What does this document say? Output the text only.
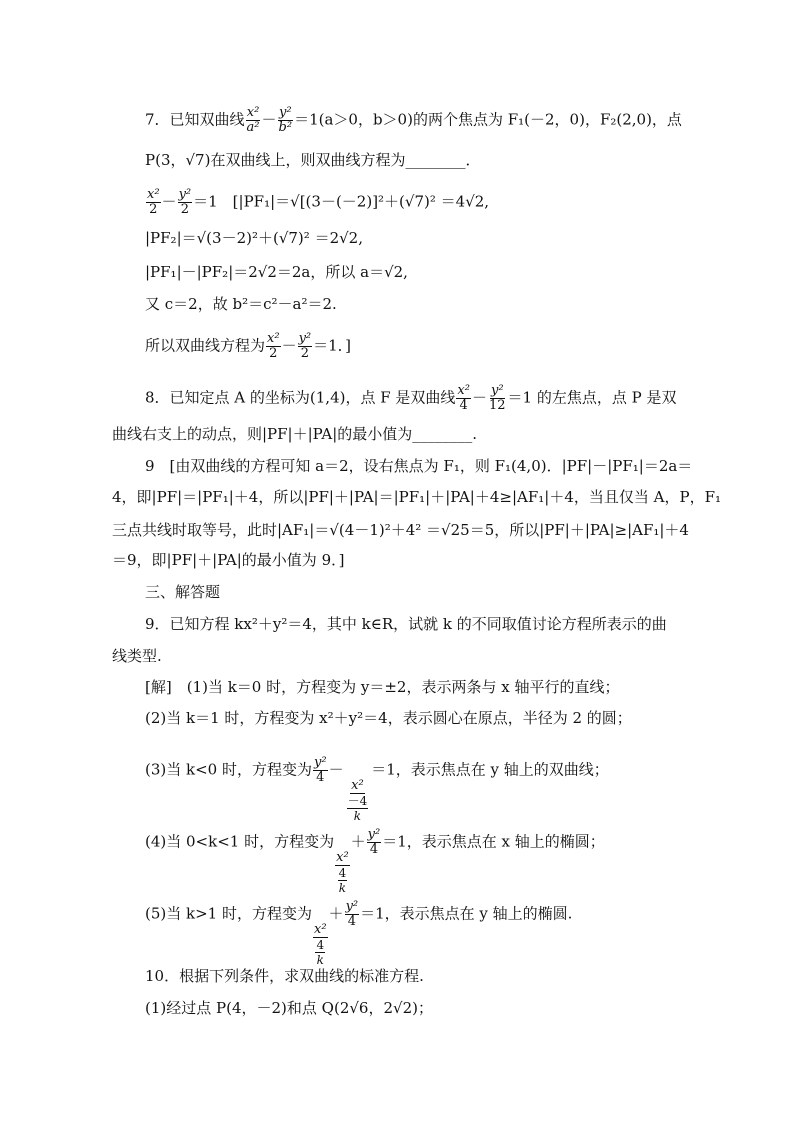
7．已知双曲线 $\frac{\text{x²}}{\text{a²}} - \frac{\text{y²}}{\text{b²}} =1(a>0$，b＞0)的两个焦点为 F₁(－2，0)，F₂(2,0)，点
P(3，√7)在双曲线上，则双曲线方程为________．
$\frac{\text{x²}}{2} - \frac{\text{y²}}{2} =1$　[|PF₁|＝√[(3－(－2)]²＋(√7)² ＝4√2,
|PF₂|＝√(3－2)²＋(√7)² ＝2√2,
|PF₁|－|PF₂|＝2√2＝2a，所以 a＝√2,
又 c＝2，故 b²＝c²－a²＝2.
所以双曲线方程为 $\frac{\text{x²}}{2} - \frac{\text{y²}}{2} =1$．]
8．已知定点 A 的坐标为(1,4)，点 F 是双曲线 $\frac{\text{x²}}{4} - \frac{\text{y²}}{12} =1$ 的左焦点，点 P 是双
曲线右支上的动点，则|PF|＋|PA|的最小值为________.
9　[由双曲线的方程可知 a＝2，设右焦点为 F₁，则 F₁(4,0)．|PF|－|PF₁|＝2a＝
4，即|PF|＝|PF₁|＋4，所以|PF|＋|PA|＝|PF₁|＋|PA|＋4≥|AF₁|＋4，当且仅当 A，P，F₁
三点共线时取等号，此时|AF₁|＝√(4－1)²＋4² ＝√25＝5，所以|PF|＋|PA|≥|AF₁|＋4
＝9，即|PF|＋|PA|的最小值为 9．]
三、解答题
9．已知方程 kx²＋y²＝4，其中 k∈R，试就 k 的不同取值讨论方程所表示的曲
线类型.
[解]　(1)当 k＝0 时，方程变为 y＝±2，表示两条与 x 轴平行的直线；
(2)当 k＝1 时，方程变为 x²＋y²＝4，表示圆心在原点，半径为 2 的圆；
(3)当 k<0 时，方程变为 $\frac{\text{y²}}{4}$ －
$\frac{\text{x²}}{\frac{-4}{k}}$
＝1，表示焦点在 y 轴上的双曲线；
(4)当 0<k<1 时，方程变为
$\frac{\text{x²}}{\frac{4}{k}}$
＋ $\frac{\text{y²}}{4} =1$，表示焦点在 x 轴上的椭圆；
(5)当 k>1 时，方程变为
$\frac{\text{x²}}{\frac{4}{k}}$
＋ $\frac{\text{y²}}{4} =1$，表示焦点在 y 轴上的椭圆.
10．根据下列条件，求双曲线的标准方程.
(1)经过点 P(4，－2)和点 Q(2√6，2√2)；
